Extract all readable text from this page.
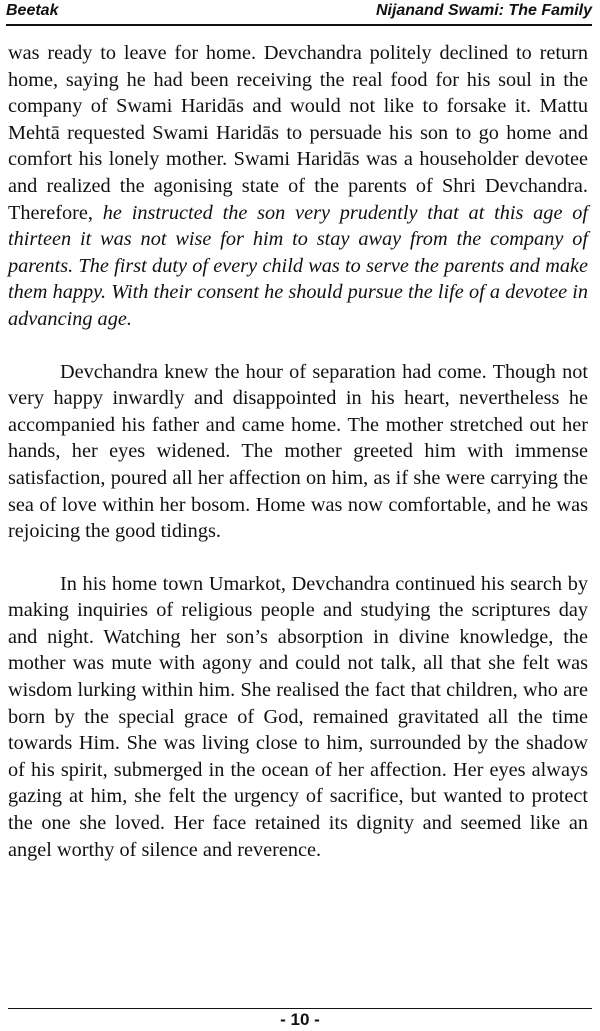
Beetak	Nijanand Swami: The Family

was ready to leave for home. Devchandra politely declined to return home, saying he had been receiving the real food for his soul in the company of Swami Haridās and would not like to forsake it. Mattu Mehtā requested Swami Haridās to persuade his son to go home and comfort his lonely mother. Swami Haridās was a householder devotee and realized the agonising state of the parents of Shri Devchandra. Therefore, he instructed the son very prudently that at this age of thirteen it was not wise for him to stay away from the company of parents. The first duty of every child was to serve the parents and make them happy. With their consent he should pursue the life of a devotee in advancing age.

Devchandra knew the hour of separation had come. Though not very happy inwardly and disappointed in his heart, nevertheless he accompanied his father and came home. The mother stretched out her hands, her eyes widened. The mother greeted him with immense satisfaction, poured all her affection on him, as if she were carrying the sea of love within her bosom. Home was now comfortable, and he was rejoicing the good tidings.

In his home town Umarkot, Devchandra continued his search by making inquiries of religious people and studying the scriptures day and night. Watching her son’s absorption in divine knowledge, the mother was mute with agony and could not talk, all that she felt was wisdom lurking within him. She realised the fact that children, who are born by the special grace of God, remained gravitated all the time towards Him. She was living close to him, surrounded by the shadow of his spirit, submerged in the ocean of her affection. Her eyes always gazing at him, she felt the urgency of sacrifice, but wanted to protect the one she loved. Her face retained its dignity and seemed like an angel worthy of silence and reverence.

- 10 -
